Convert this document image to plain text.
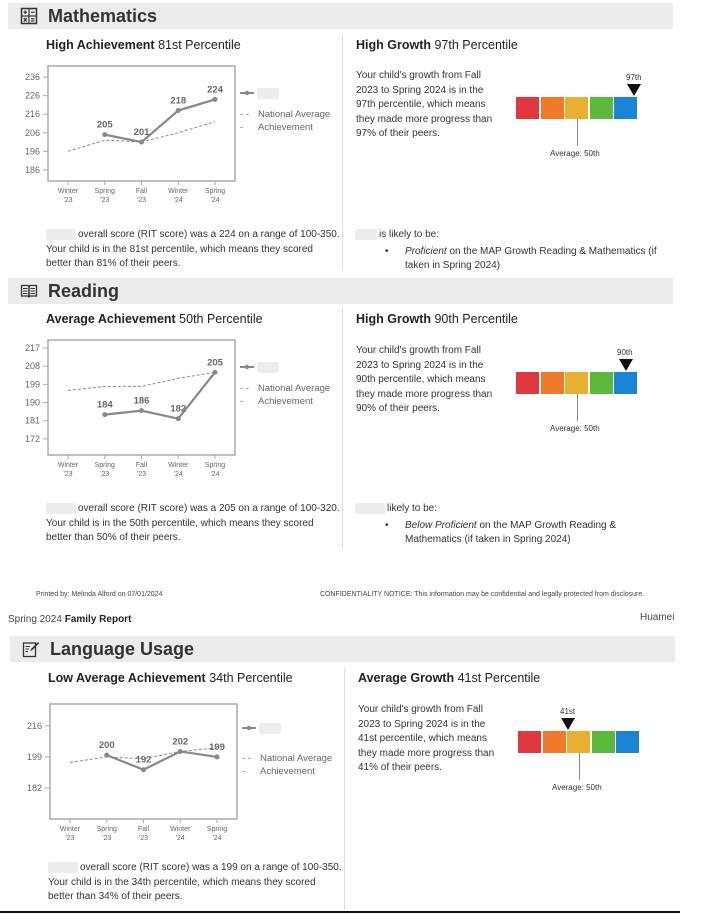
Mathematics
High Achievement 81st Percentile	High Growth 97th Percentile
186
196
206
216
226
236
Winter '23
Spring '23
Fall '23
Winter '24
Spring '24
205
201
218
224

- - -National Average Achievement
Your child's growth from Fall 2023 to Spring 2024 is in the 97th percentile, which means they made more progress than 97% of their peers.
97th
Average: 50th
overall score (RIT score) was a 224 on a range of 100-350. Your child is in the 81st percentile, which means they scored better than 81% of their peers.
is likely to be:
• Proficient on the MAP Growth Reading & Mathematics (if taken in Spring 2024)
Reading
Average Achievement 50th Percentile	High Growth 90th Percentile
172
181
190
199
208
217
Winter '23
Spring '23
Fall '23
Winter '24
Spring '24
184 186
182
205

- - -National Average Achievement
Your child's growth from Fall 2023 to Spring 2024 is in the 90th percentile, which means they made more progress than 90% of their peers.
90th
Average: 50th
overall score (RIT score) was a 205 on a range of 100-320. Your child is in the 50th percentile, which means they scored better than 50% of their peers.
likely to be:
• Below Proficient on the MAP Growth Reading & Mathematics (if taken in Spring 2024)
Printed by: Melinda Alford on 07/01/2024	CONFIDENTIALITY NOTICE: This information may be confidential and legally protected from disclosure.
Spring 2024 Family Report	Huamei
Language Usage
Low Average Achievement 34th Percentile	Average Growth 41st Percentile
182
199
216
Winter '23
Spring '23
Fall '23
Winter '24
Spring '24
200
192
202 199

- - -National Average Achievement
Your child's growth from Fall 2023 to Spring 2024 is in the 41st percentile, which means they made more progress than 41% of their peers.
41st
Average: 50th
overall score (RIT score) was a 199 on a range of 100-350. Your child is in the 34th percentile, which means they scored better than 34% of their peers.
